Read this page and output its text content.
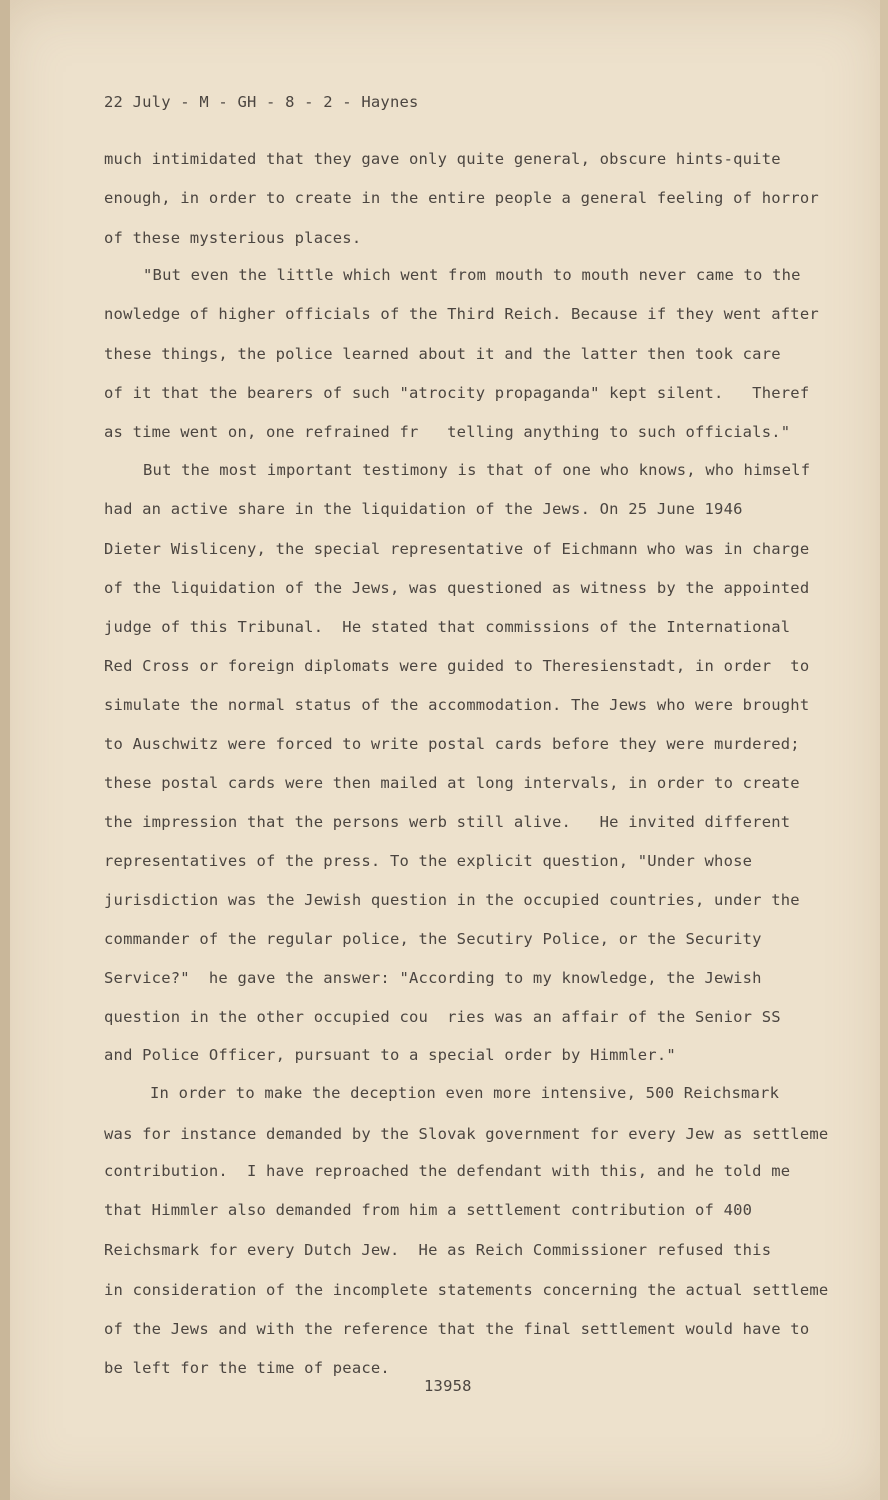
22 July - M - GH - 8 - 2 - Haynes
much intimidated that they gave only quite general, obscure hints-quite
enough, in order to create in the entire people a general feeling of horror
of these mysterious places.
"But even the little which went from mouth to mouth never came to the
nowledge of higher officials of the Third Reich. Because if they went after
these things, the police learned about it and the latter then took care
of it that the bearers of such "atrocity propaganda" kept silent.   Theref
as time went on, one refrained fr   telling anything to such officials."
But the most important testimony is that of one who knows, who himself
had an active share in the liquidation of the Jews. On 25 June 1946
Dieter Wisliceny, the special representative of Eichmann who was in charge
of the liquidation of the Jews, was questioned as witness by the appointed
judge of this Tribunal.  He stated that commissions of the International
Red Cross or foreign diplomats were guided to Theresienstadt, in order  to
simulate the normal status of the accommodation. The Jews who were brought
to Auschwitz were forced to write postal cards before they were murdered;
these postal cards were then mailed at long intervals, in order to create
the impression that the persons werb still alive.   He invited different
representatives of the press. To the explicit question, "Under whose
jurisdiction was the Jewish question in the occupied countries, under the
commander of the regular police, the Secutiry Police, or the Security
Service?"  he gave the answer: "According to my knowledge, the Jewish
question in the other occupied cou  ries was an affair of the Senior SS
and Police Officer, pursuant to a special order by Himmler."
In order to make the deception even more intensive, 500 Reichsmark
was for instance demanded by the Slovak government for every Jew as settleme
contribution.  I have reproached the defendant with this, and he told me
that Himmler also demanded from him a settlement contribution of 400
Reichsmark for every Dutch Jew.  He as Reich Commissioner refused this
in consideration of the incomplete statements concerning the actual settleme
of the Jews and with the reference that the final settlement would have to
be left for the time of peace.
13958
